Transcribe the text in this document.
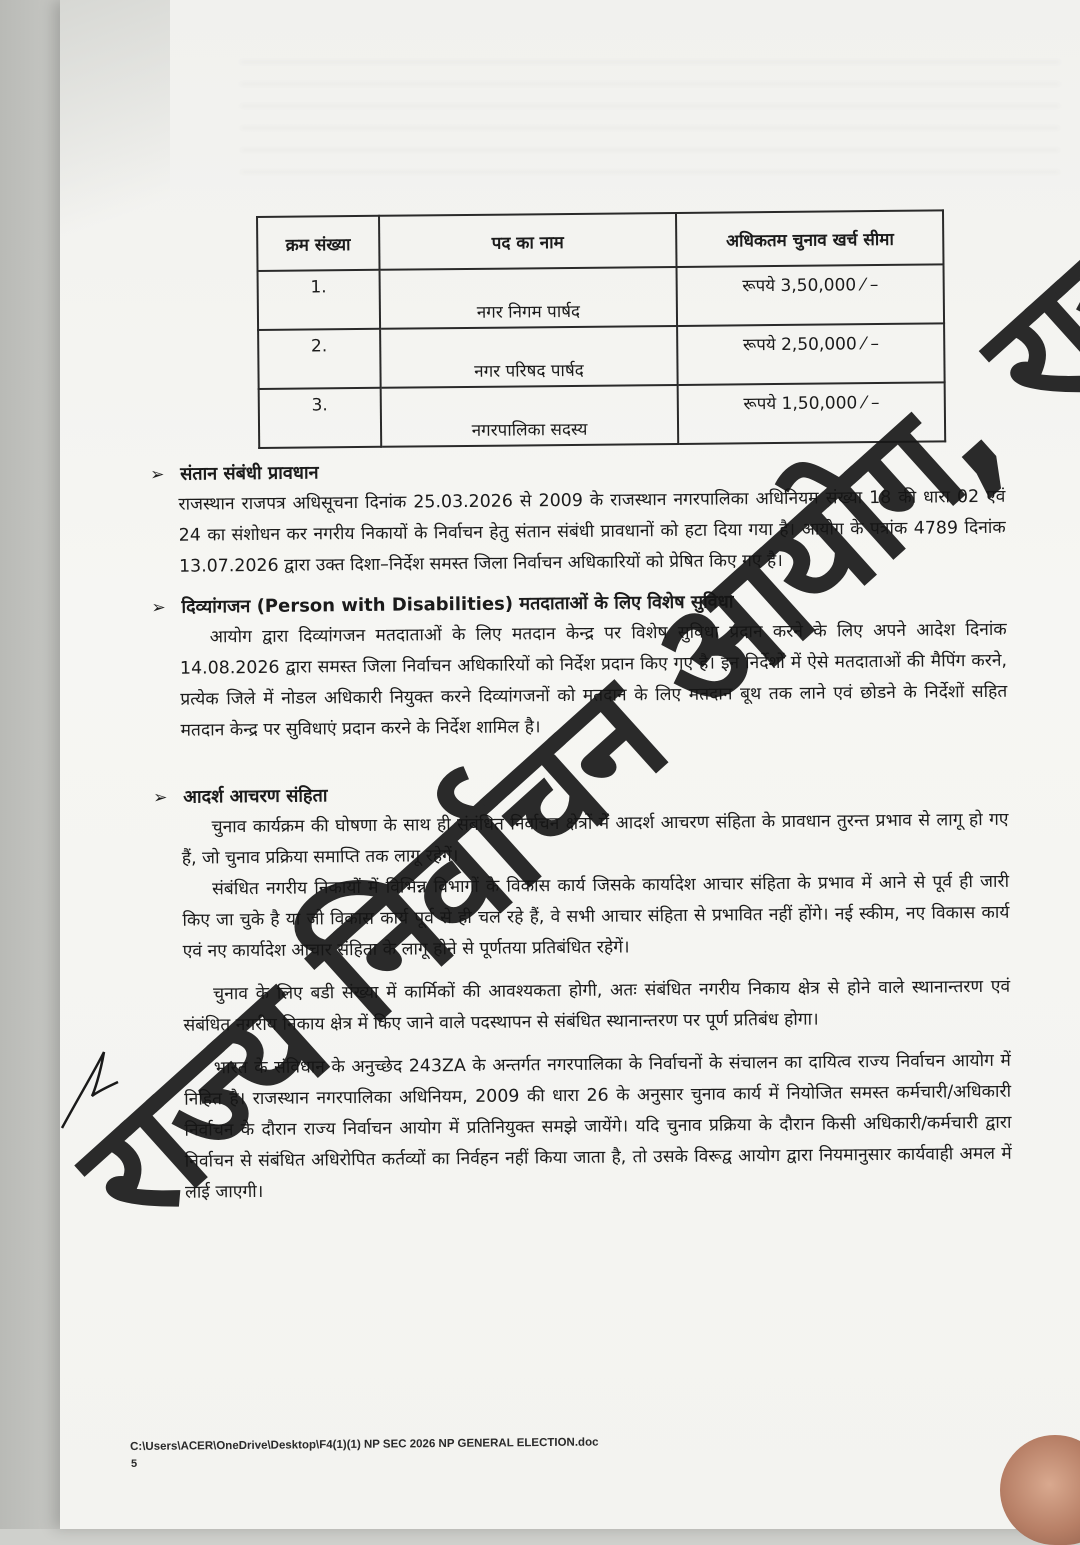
क्रम संख्या	पद का नाम	अधिकतम चुनाव खर्च सीमा
1.	नगर निगम पार्षद	रूपये 3,50,000 ⁄ –
2.	नगर परिषद पार्षद	रूपये 2,50,000 ⁄ –
3.	नगरपालिका सदस्य	रूपये 1,50,000 ⁄ –
➢ संतान संबंधी प्रावधान

राजस्थान राजपत्र अधिसूचना दिनांक 25.03.2026 से 2009 के राजस्थान नगरपालिका अधिनियम संख्या 18 की धारा 02 एवं 24 का संशोधन कर नगरीय निकायों के निर्वाचन हेतु संतान संबंधी प्रावधानों को हटा दिया गया है। आयोग के पत्रांक 4789 दिनांक 13.07.2026 द्वारा उक्त दिशा–निर्देश समस्त जिला निर्वाचन अधिकारियों को प्रेषित किए गए है।

➢ दिव्यांगजन (Person with Disabilities) मतदाताओं के लिए विशेष सुविधा

आयोग द्वारा दिव्यांगजन मतदाताओं के लिए मतदान केन्द्र पर विशेष सुविधा प्रदान करने के लिए अपने आदेश दिनांक 14.08.2026 द्वारा समस्त जिला निर्वाचन अधिकारियों को निर्देश प्रदान किए गए है। इन निर्देशों में ऐसे मतदाताओं की मैपिंग करने, प्रत्येक जिले में नोडल अधिकारी नियुक्त करने दिव्यांगजनों को मतदान के लिए मतदान बूथ तक लाने एवं छोडने के निर्देशों सहित मतदान केन्द्र पर सुविधाएं प्रदान करने के निर्देश शामिल है।

➢ आदर्श आचरण संहिता

चुनाव कार्यक्रम की घोषणा के साथ ही संबंधित निर्वाचन क्षेत्रों में आदर्श आचरण संहिता के प्रावधान तुरन्त प्रभाव से लागू हो गए हैं, जो चुनाव प्रक्रिया समाप्ति तक लागू रहेगें।

संबंधित नगरीय निकायों में विभिन्न विभागों के विकास कार्य जिसके कार्यादेश आचार संहिता के प्रभाव में आने से पूर्व ही जारी किए जा चुके है या जो विकास कार्य पूर्व से ही चल रहे हैं, वे सभी आचार संहिता से प्रभावित नहीं होंगे। नई स्कीम, नए विकास कार्य एवं नए कार्यादेश आचार संहिता के लागू होने से पूर्णतया प्रतिबंधित रहेगें।

चुनाव के लिए बडी संख्या में कार्मिकों की आवश्यकता होगी, अतः संबंधित नगरीय निकाय क्षेत्र से होने वाले स्थानान्तरण एवं संबंधित नगरीय निकाय क्षेत्र में किए जाने वाले पदस्थापन से संबंधित स्थानान्तरण पर पूर्ण प्रतिबंध होगा।

भारत के संविधान के अनुच्छेद 243ZA के अन्तर्गत नगरपालिका के निर्वाचनों के संचालन का दायित्व राज्य निर्वाचन आयोग में निहित है। राजस्थान नगरपालिका अधिनियम, 2009 की धारा 26 के अनुसार चुनाव कार्य में नियोजित समस्त कर्मचारी/अधिकारी निर्वाचन के दौरान राज्य निर्वाचन आयोग में प्रतिनियुक्त समझे जायेंगे। यदि चुनाव प्रक्रिया के दौरान किसी अधिकारी/कर्मचारी द्वारा निर्वाचन से संबंधित अधिरोपित कर्तव्यों का निर्वहन नहीं किया जाता है, तो उसके विरूद्व आयोग द्वारा नियमानुसार कार्यवाही अमल में लाई जाएगी।

राज्य निर्वाचन आयोग,
C:\Users\ACER\OneDrive\Desktop\F4(1)(1) NP SEC 2026 NP GENERAL ELECTION.doc
5
